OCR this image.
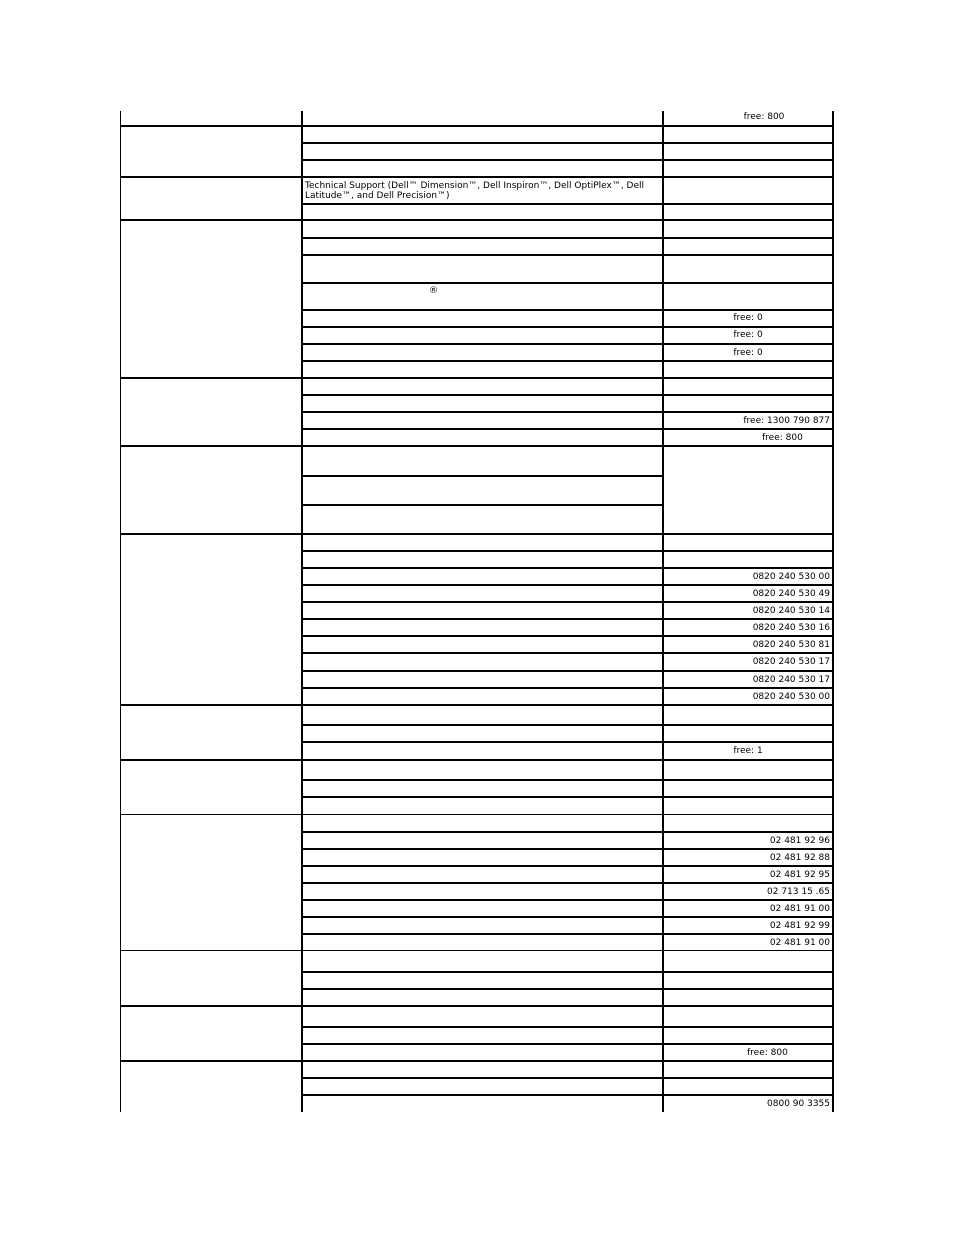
free: 800
Technical Support (Dell™ Dimension™, Dell Inspiron™, Dell OptiPlex™, Dell Latitude™, and Dell Precision™)
®
free: 0
free: 0
free: 0
free: 1300 790 877
free: 800
0820 240 530 00
0820 240 530 49
0820 240 530 14
0820 240 530 16
0820 240 530 81
0820 240 530 17
0820 240 530 17
0820 240 530 00
free: 1
02 481 92 96
02 481 92 88
02 481 92 95
02 713 15 .65
02 481 91 00
02 481 92 99
02 481 91 00
free: 800
0800 90 3355
